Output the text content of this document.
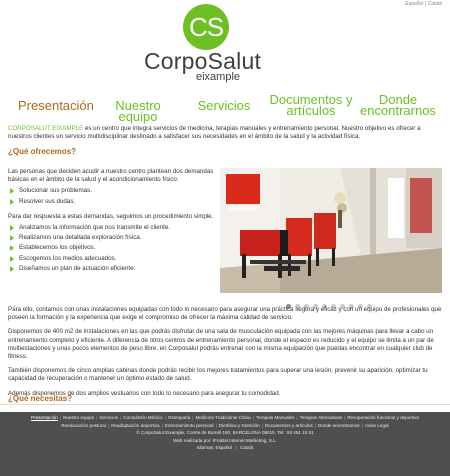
Español | Català
CS
CorpoSalut
eixample
Presentación	Nuestro equipo
Servicios Documentos y artículos
Donde encontrarnos

CORPOSALUT EIXAMPLE es un centro que integra servicios de medicina, terapias manuales y entrenamiento personal. Nuestro objetivo es ofrecer a nuestros clientes un servicio multidisciplinar destinado a satisfacer sus necesidades en el ámbito de la salud y la actividad física.

¿Qué ofrecemos?

Las personas que deciden acudir a nuestro centro plantean dos demandas básicas en el ámbito de la salud y el acondicionamiento físico:

Solucionar sus problemas.
Resolver sus dudas.

Para dar respuesta a estas demandas, seguimos un procedimiento simple.

Analizamos la información que nos transmite el cliente.
Realizamos una detallada exploración física.
Establecemos los objetivos.
Escogemos los medios adecuados.
Diseñamos un plan de actuación eficiente.

Para ello, contamos con unas instalaciones equipadas con todo lo necesario para asegurar una práctica segura y eficaz y con un equipo de profesionales que poseen la formación y la experiencia que exige el compromiso de ofrecer la máxima calidad de servicio.

Disponemos de 400 m2 de instalaciones en las que podrás disfrutar de una sala de musculación equipada con las mejores máquinas para llevar a cabo un entrenamiento completo y eficiente. A diferencia de otros centros de entrenamiento personal, donde el espacio es reducido y el equipo se limita a un par de multiestaciones y unas pocos elementos de peso libre, en Corposalut podrás entrenar con la misma equipación que puedas encontrar en cualquier club de fitness.

También disponemos de cinco amplias cabinas donde podrás recibir los mejores tratamientos para superar una lesión, prevenir su aparición, optimizar tu capacidad de recuperación o mantener un óptimo estado de salud.

Además disponemos de dos amplios vestuarios con todo lo necesario para asegurar tu comodidad.

¿Qué necesitas?
Presentación | Nuestro equipo | Servicios | Consultorio Médico | Osteopatía | Medicina Tradicional China | Terapias Manuales | Terapias Alternativas | Recuperación funcional y deportiva
Reeducación postural | Readaptación deportiva | Entrenamiento personal | Dietética y Nutrición | Documentos y artículos | Donde encontrarnos | Aviso Legal
© CorpoSalut Eixample, Comte de Borrell 180, BARCELONA 08015. Tel.: 93 451 10 51
Web realizada por: iFraktal Internet Marketing, S.L.
Idiomas: Español | Català
